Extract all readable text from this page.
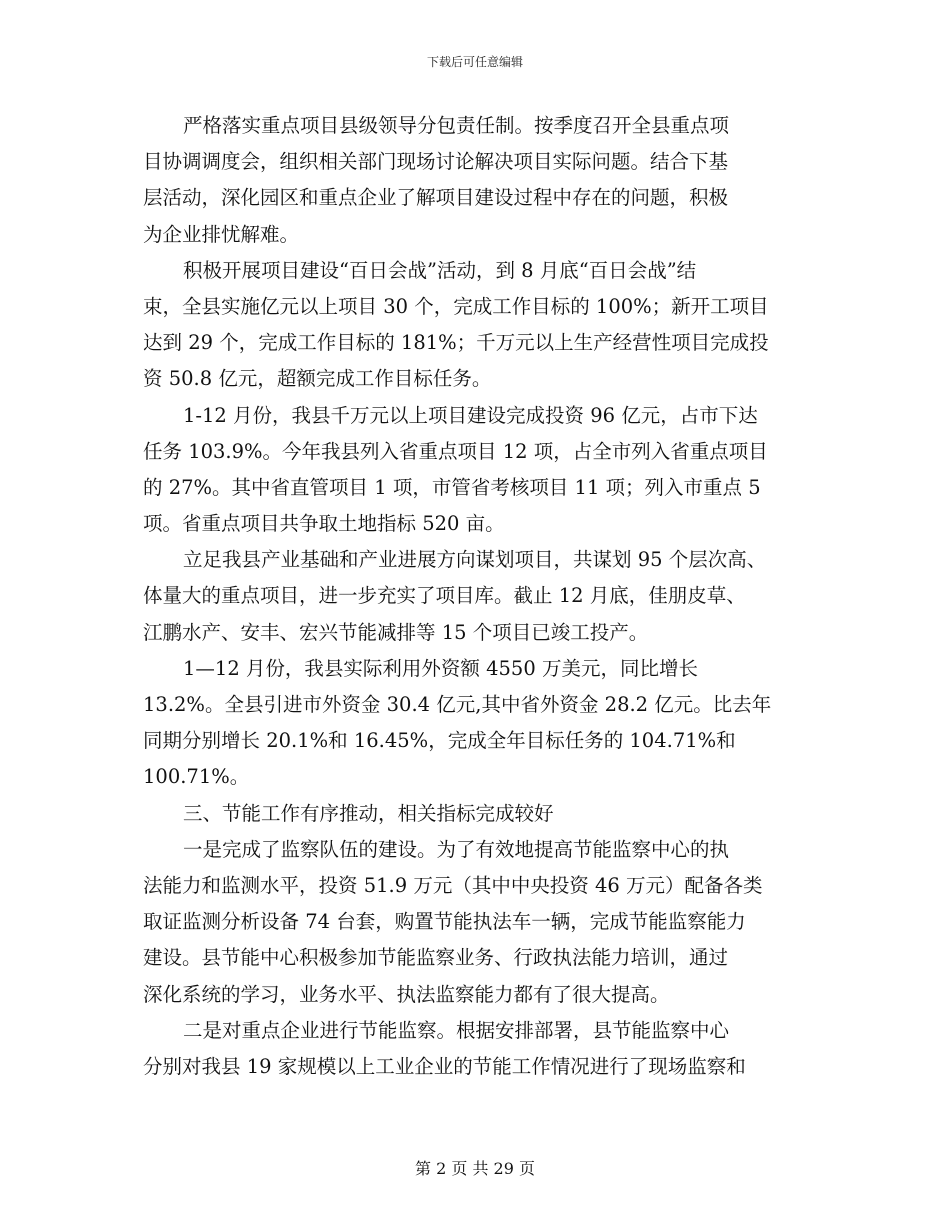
下载后可任意编辑
严格落实重点项目县级领导分包责任制。按季度召开全县重点项
目协调调度会，组织相关部门现场讨论解决项目实际问题。结合下基
层活动，深化园区和重点企业了解项目建设过程中存在的问题，积极
为企业排忧解难。
积极开展项目建设“百日会战”活动，到 8 月底“百日会战”结
束，全县实施亿元以上项目 30 个，完成工作目标的 100%；新开工项目
达到 29 个，完成工作目标的 181%；千万元以上生产经营性项目完成投
资 50.8 亿元，超额完成工作目标任务。
1-12 月份，我县千万元以上项目建设完成投资 96 亿元，占市下达
任务 103.9%。今年我县列入省重点项目 12 项，占全市列入省重点项目
的 27%。其中省直管项目 1 项，市管省考核项目 11 项；列入市重点 5
项。省重点项目共争取土地指标 520 亩。
立足我县产业基础和产业进展方向谋划项目，共谋划 95 个层次高、
体量大的重点项目，进一步充实了项目库。截止 12 月底，佳朋皮草、
江鹏水产、安丰、宏兴节能减排等 15 个项目已竣工投产。
1—12 月份，我县实际利用外资额 4550 万美元，同比增长
13.2%。全县引进市外资金 30.4 亿元,其中省外资金 28.2 亿元。比去年
同期分别增长 20.1%和 16.45%，完成全年目标任务的 104.71%和
100.71%。
三、节能工作有序推动，相关指标完成较好
一是完成了监察队伍的建设。为了有效地提高节能监察中心的执
法能力和监测水平，投资 51.9 万元（其中中央投资 46 万元）配备各类
取证监测分析设备 74 台套，购置节能执法车一辆，完成节能监察能力
建设。县节能中心积极参加节能监察业务、行政执法能力培训，通过
深化系统的学习，业务水平、执法监察能力都有了很大提高。
二是对重点企业进行节能监察。根据安排部署，县节能监察中心
分别对我县 19 家规模以上工业企业的节能工作情况进行了现场监察和
第 2 页 共 29 页
